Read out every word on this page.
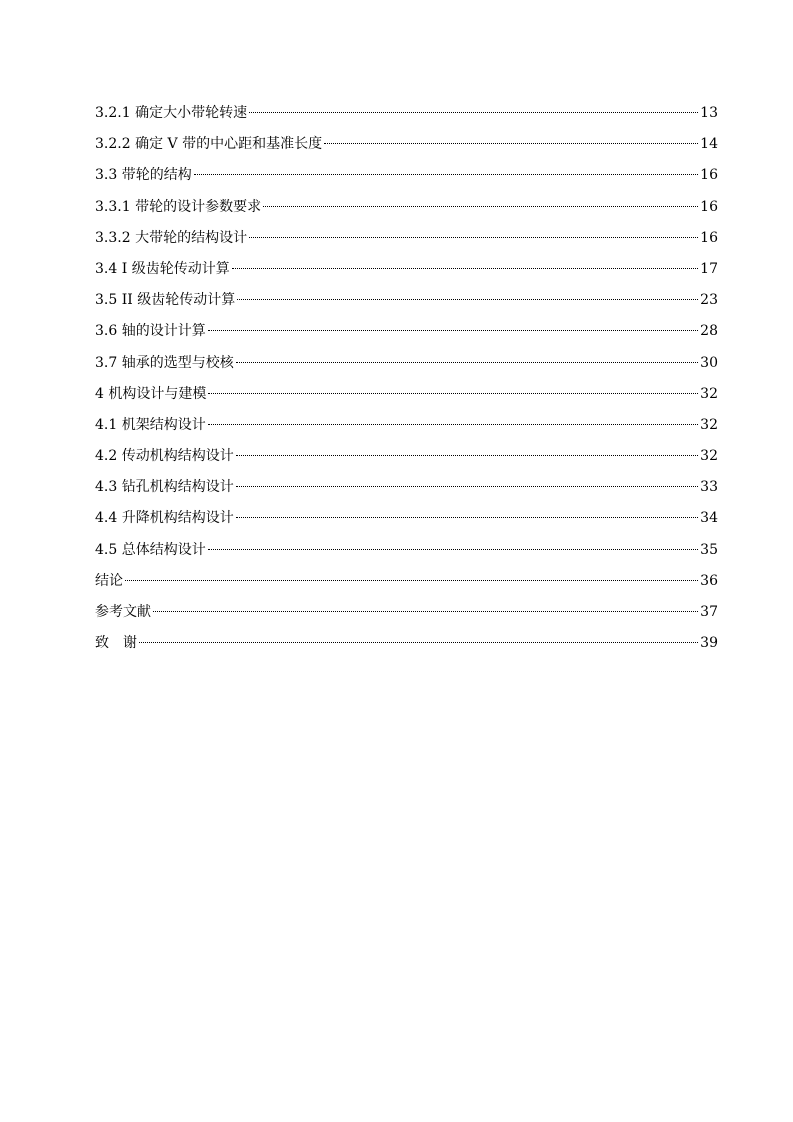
3.2.1 确定大小带轮转速	13
3.2.2 确定 V 带的中心距和基准长度	14
3.3 带轮的结构	16
3.3.1 带轮的设计参数要求	16
3.3.2 大带轮的结构设计	16
3.4 I 级齿轮传动计算	17
3.5 II 级齿轮传动计算	23
3.6 轴的设计计算	28
3.7 轴承的选型与校核	30
4 机构设计与建模	32
4.1 机架结构设计	32
4.2 传动机构结构设计	32
4.3 钻孔机构结构设计	33
4.4 升降机构结构设计	34
4.5 总体结构设计	35
结论	36
参考文献	37
致　谢	39
